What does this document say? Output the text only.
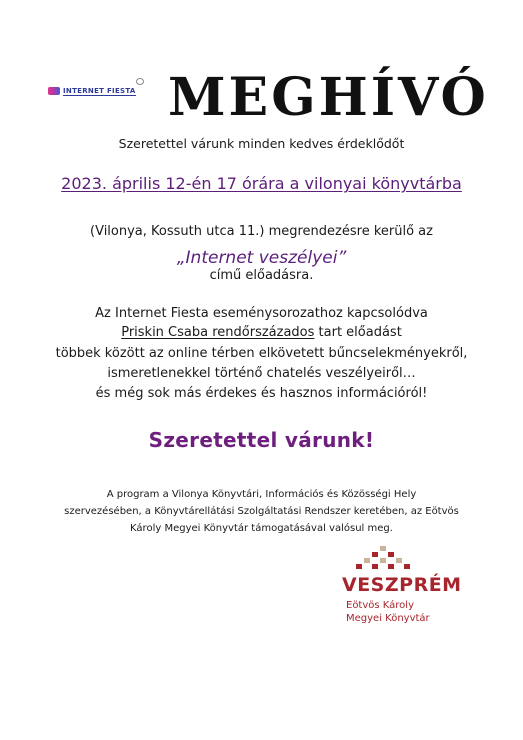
INTERNET FIESTA MEGHÍVÓ
Szeretettel várunk minden kedves érdeklődőt
2023. április 12-én 17 órára a vilonyai könyvtárba
(Vilonya, Kossuth utca 11.) megrendezésre kerülő az
„Internet veszélyei”
című előadásra.
Az Internet Fiesta eseménysorozathoz kapcsolódva
Priskin Csaba rendőrszázados tart előadást
többek között az online térben elkövetett bűncselekményekről,
ismeretlenekkel történő chatelés veszélyeiről…
és még sok más érdekes és hasznos információról!
Szeretettel várunk!
A program a Vilonya Könyvtári, Információs és Közösségi Hely
szervezésében, a Könyvtárellátási Szolgáltatási Rendszer keretében, az Eötvös
Károly Megyei Könyvtár támogatásával valósul meg.
VESZPRÉM
Eötvös Károly
Megyei Könyvtár
